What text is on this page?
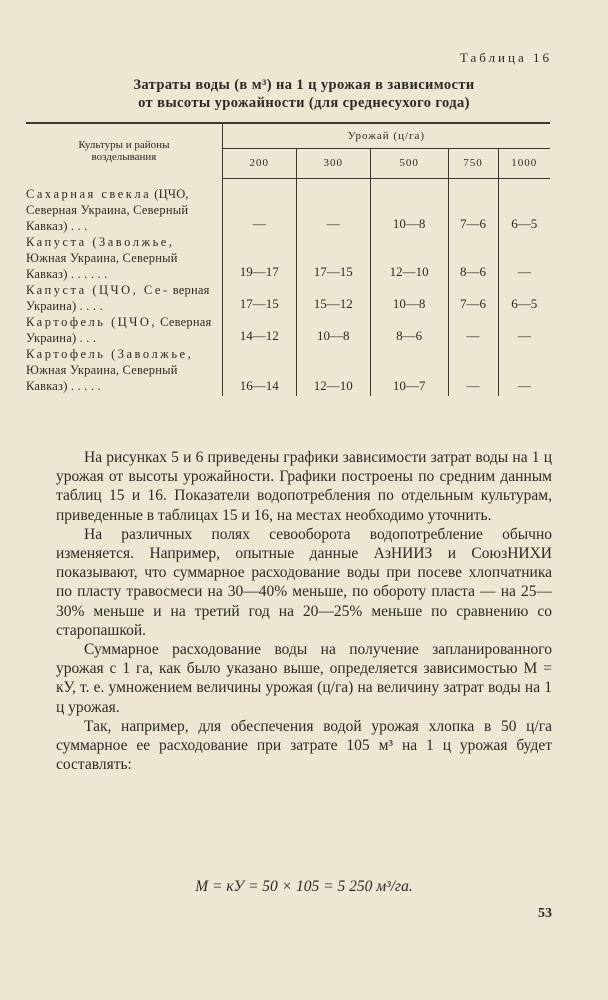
Таблица 16
Затраты воды (в м³) на 1 ц урожая в зависимости
от высоты урожайности (для среднесухого года)
Культуры и районы
возделывания	Урожай (ц/га)				
	200	300	500	750	1000
Сахарная свекла (ЦЧО, Северная Украина, Северный Кавказ) . . .	—	—	10—8	7—6	6—5
Капуста (Заволжье, Южная Украина, Северный Кавказ) . . . . . .	19—17	17—15	12—10	8—6	—
Капуста (ЦЧО, Се- верная Украина) . . . .	17—15	15—12	10—8	7—6	6—5
Картофель (ЦЧО, Северная Украина) . . .	14—12	10—8	8—6	—	—
Картофель (Заволжье, Южная Украина, Северный Кавказ) . . . . .	16—14	12—10	10—7	—	—

На рисунках 5 и 6 приведены графики зависимости затрат воды на 1 ц урожая от высоты урожайности. Графики построены по средним данным таблиц 15 и 16. Показатели водопотребления по отдельным культурам, приведенные в таблицах 15 и 16, на местах необходимо уточнить.

На различных полях севооборота водопотребление обычно изменяется. Например, опытные данные АзНИИЗ и СоюзНИХИ показывают, что суммарное расходование воды при посеве хлопчатника по пласту травосмеси на 30—40% меньше, по обороту пласта — на 25—30% меньше и на третий год на 20—25% меньше по сравнению со старопашкой.

Суммарное расходование воды на получение запланированного урожая с 1 га, как было указано выше, определяется зависимостью М = кУ, т. е. умножением величины урожая (ц/га) на величину затрат воды на 1 ц урожая.

Так, например, для обеспечения водой урожая хлопка в 50 ц/га суммарное ее расходование при затрате 105 м³ на 1 ц урожая будет составлять:

М = кУ = 50 × 105 = 5 250 м³/га.
53
